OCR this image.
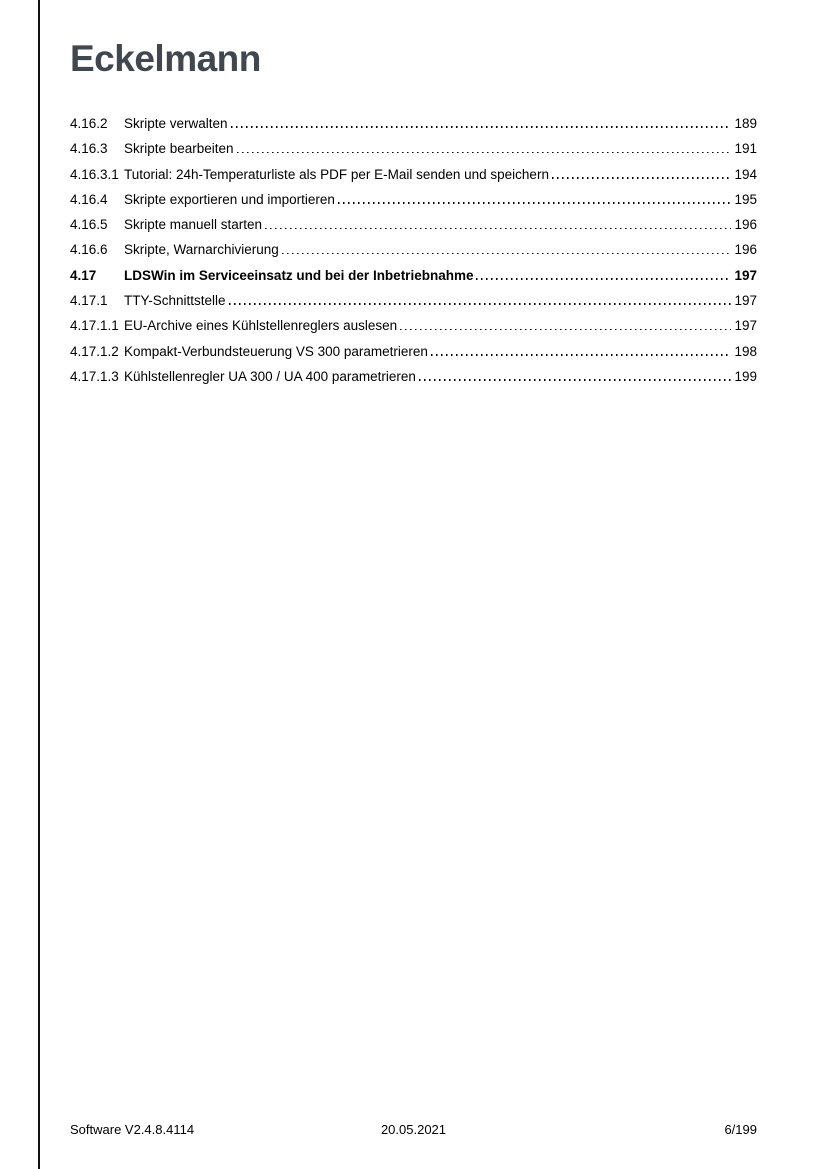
Eckelmann
4.16.2	Skripte verwalten	189
4.16.3	Skripte bearbeiten	191
4.16.3.1 Tutorial: 24h-Temperaturliste als PDF per E-Mail senden und speichern	194
4.16.4	Skripte exportieren und importieren	195
4.16.5	Skripte manuell starten	196
4.16.6	Skripte, Warnarchivierung	196
4.17	LDSWin im Serviceeinsatz und bei der Inbetriebnahme	197
4.17.1	TTY-Schnittstelle	197
4.17.1.1 EU-Archive eines Kühlstellenreglers auslesen	197
4.17.1.2 Kompakt-Verbundsteuerung VS 300 parametrieren	198
4.17.1.3 Kühlstellenregler UA 300 / UA 400 parametrieren	199
Software V2.4.8.4114	20.05.2021	6/199
